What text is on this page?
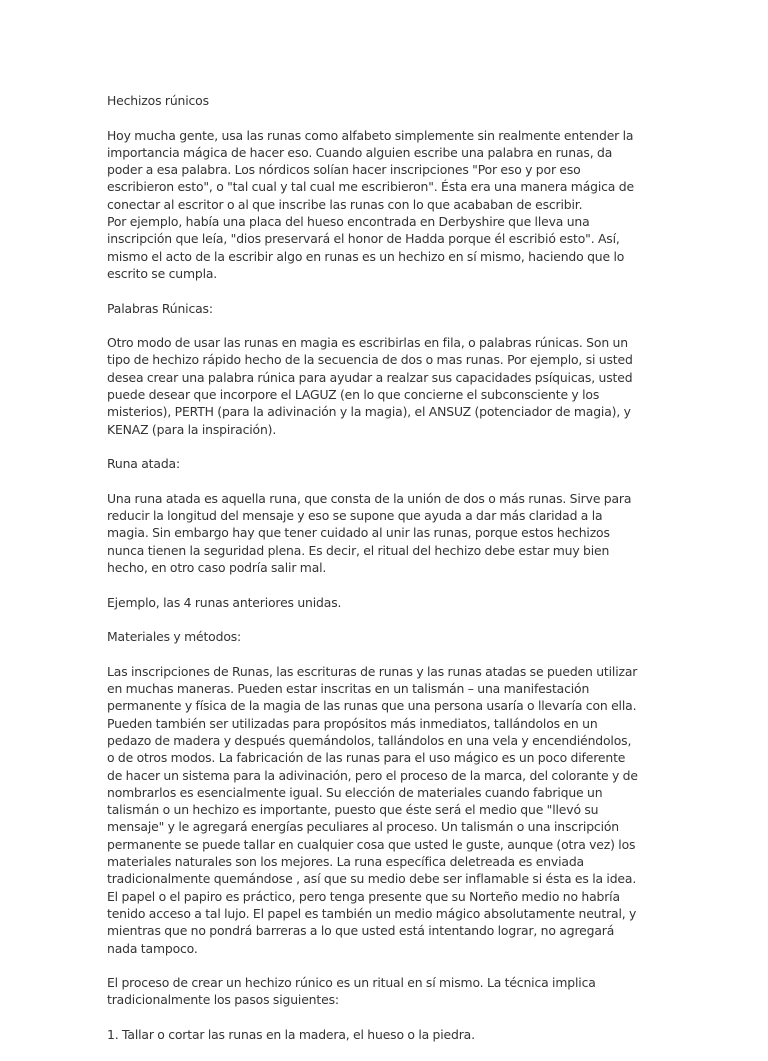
Hechizos rúnicos

Hoy mucha gente, usa las runas como alfabeto simplemente sin realmente entender la importancia mágica de hacer eso. Cuando alguien escribe una palabra en runas, da poder a esa palabra. Los nórdicos solían hacer inscripciones "Por eso y por eso escribieron esto", o "tal cual y tal cual me escribieron". Ésta era una manera mágica de conectar al escritor o al que inscribe las runas con lo que acababan de escribir.

Por ejemplo, había una placa del hueso encontrada en Derbyshire que lleva una inscripción que leía, "dios preservará el honor de Hadda porque él escribió esto". Así, mismo el acto de la escribir algo en runas es un hechizo en sí mismo, haciendo que lo escrito se cumpla.

Palabras Rúnicas:

Otro modo de usar las runas en magia es escribirlas en fila, o palabras rúnicas. Son un tipo de hechizo rápido hecho de la secuencia de dos o mas runas. Por ejemplo, si usted desea crear una palabra rúnica para ayudar a realzar sus capacidades psíquicas, usted puede desear que incorpore el LAGUZ (en lo que concierne el subconsciente y los misterios), PERTH (para la adivinación y la magia), el ANSUZ (potenciador de magia), y KENAZ (para la inspiración).

Runa atada:

Una runa atada es aquella runa, que consta de la unión de dos o más runas. Sirve para reducir la longitud del mensaje y eso se supone que ayuda a dar más claridad a la magia. Sin embargo hay que tener cuidado al unir las runas, porque estos hechizos nunca tienen la seguridad plena. Es decir, el ritual del hechizo debe estar muy bien hecho, en otro caso podría salir mal.

Ejemplo, las 4 runas anteriores unidas.

Materiales y métodos:

Las inscripciones de Runas, las escrituras de runas y las runas atadas se pueden utilizar en muchas maneras. Pueden estar inscritas en un talismán – una manifestación permanente y física de la magia de las runas que una persona usaría o llevaría con ella. Pueden también ser utilizadas para propósitos más inmediatos, tallándolos en un pedazo de madera y después quemándolos, tallándolos en una vela y encendiéndolos, o de otros modos. La fabricación de las runas para el uso mágico es un poco diferente de hacer un sistema para la adivinación, pero el proceso de la marca, del colorante y de nombrarlos es esencialmente igual. Su elección de materiales cuando fabrique un talismán o un hechizo es importante, puesto que éste será el medio que "llevó su mensaje" y le agregará energías peculiares al proceso. Un talismán o una inscripción permanente se puede tallar en cualquier cosa que usted le guste, aunque (otra vez) los materiales naturales son los mejores. La runa específica deletreada es enviada tradicionalmente quemándose , así que su medio debe ser inflamable si ésta es la idea. El papel o el papiro es práctico, pero tenga presente que su Norteño medio no habría tenido acceso a tal lujo. El papel es también un medio mágico absolutamente neutral, y mientras que no pondrá barreras a lo que usted está intentando lograr, no agregará nada tampoco.

El proceso de crear un hechizo rúnico es un ritual en sí mismo. La técnica implica tradicionalmente los pasos siguientes:

1. Tallar o cortar las runas en la madera, el hueso o la piedra.
